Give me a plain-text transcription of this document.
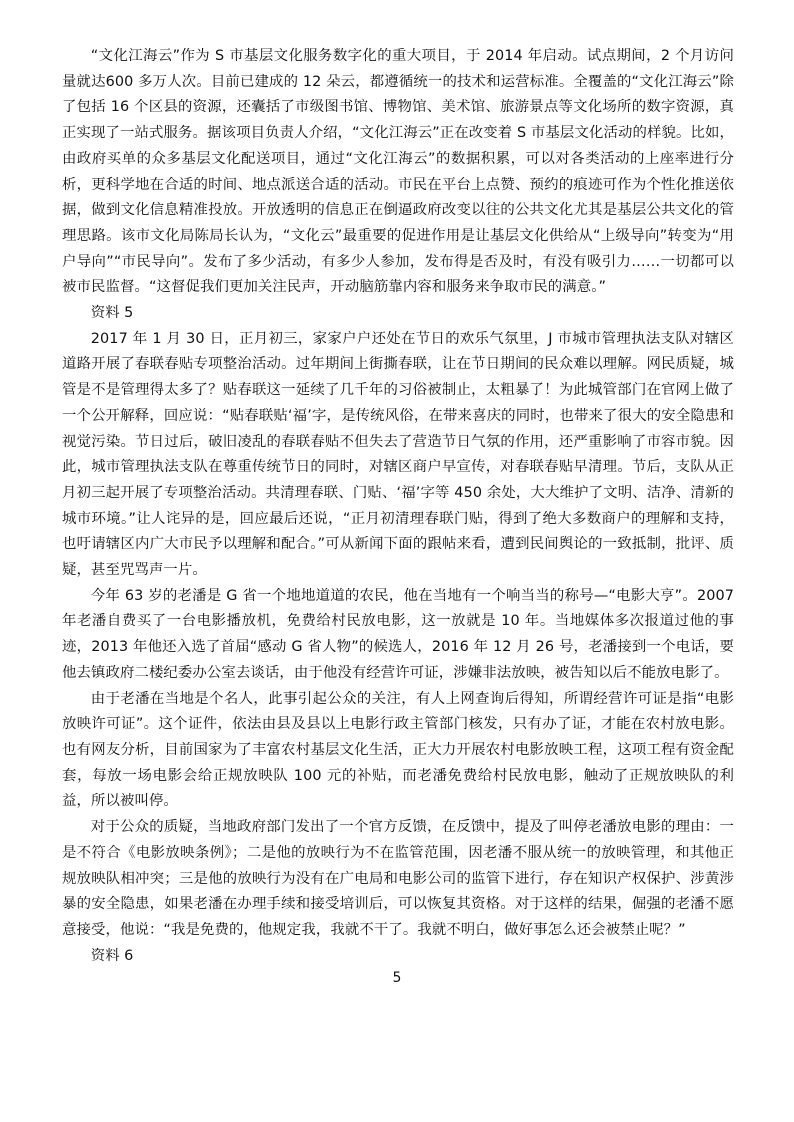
“文化江海云”作为 S 市基层文化服务数字化的重大项目，于 2014 年启动。试点期间，2 个月访问量就达600 多万人次。目前已建成的 12 朵云，都遵循统一的技术和运营标准。全覆盖的“文化江海云”除了包括 16 个区县的资源，还囊括了市级图书馆、博物馆、美术馆、旅游景点等文化场所的数字资源，真正实现了一站式服务。据该项目负责人介绍，“文化江海云”正在改变着 S 市基层文化活动的样貌。比如，由政府买单的众多基层文化配送项目，通过“文化江海云”的数据积累，可以对各类活动的上座率进行分析，更科学地在合适的时间、地点派送合适的活动。市民在平台上点赞、预约的痕迹可作为个性化推送依据，做到文化信息精准投放。开放透明的信息正在倒逼政府改变以往的公共文化尤其是基层公共文化的管理思路。该市文化局陈局长认为，“文化云”最重要的促进作用是让基层文化供给从“上级导向”转变为“用户导向”“市民导向”。发布了多少活动，有多少人参加，发布得是否及时，有没有吸引力……一切都可以被市民监督。“这督促我们更加关注民声，开动脑筋靠内容和服务来争取市民的满意。”

资料 5

2017 年 1 月 30 日，正月初三，家家户户还处在节日的欢乐气氛里，J 市城市管理执法支队对辖区道路开展了春联春贴专项整治活动。过年期间上街撕春联，让在节日期间的民众难以理解。网民质疑，城管是不是管理得太多了？贴春联这一延续了几千年的习俗被制止，太粗暴了！为此城管部门在官网上做了一个公开解释，回应说：“贴春联贴‘福’字，是传统风俗，在带来喜庆的同时，也带来了很大的安全隐患和视觉污染。节日过后，破旧凌乱的春联春贴不但失去了营造节日气氛的作用，还严重影响了市容市貌。因此，城市管理执法支队在尊重传统节日的同时，对辖区商户早宣传，对春联春贴早清理。节后，支队从正月初三起开展了专项整治活动。共清理春联、门贴、‘福’字等 450 余处，大大维护了文明、洁净、清新的城市环境。”让人诧异的是，回应最后还说，“正月初清理春联门贴，得到了绝大多数商户的理解和支持，也吁请辖区内广大市民予以理解和配合。”可从新闻下面的跟帖来看，遭到民间舆论的一致抵制，批评、质疑，甚至咒骂声一片。

今年 63 岁的老潘是 G 省一个地地道道的农民，他在当地有一个响当当的称号—“电影大亨”。2007 年老潘自费买了一台电影播放机，免费给村民放电影，这一放就是 10 年。当地媒体多次报道过他的事迹，2013 年他还入选了首届“感动 G 省人物”的候选人，2016 年 12 月 26 号，老潘接到一个电话，要他去镇政府二楼纪委办公室去谈话，由于他没有经营许可证，涉嫌非法放映，被告知以后不能放电影了。

由于老潘在当地是个名人，此事引起公众的关注，有人上网查询后得知，所谓经营许可证是指“电影放映许可证”。这个证件，依法由县及县以上电影行政主管部门核发，只有办了证，才能在农村放电影。也有网友分析，目前国家为了丰富农村基层文化生活，正大力开展农村电影放映工程，这项工程有资金配套，每放一场电影会给正规放映队 100 元的补贴，而老潘免费给村民放电影，触动了正规放映队的利益，所以被叫停。

对于公众的质疑，当地政府部门发出了一个官方反馈，在反馈中，提及了叫停老潘放电影的理由：一是不符合《电影放映条例》；二是他的放映行为不在监管范围，因老潘不服从统一的放映管理，和其他正规放映队相冲突；三是他的放映行为没有在广电局和电影公司的监管下进行，存在知识产权保护、涉黄涉暴的安全隐患，如果老潘在办理手续和接受培训后，可以恢复其资格。对于这样的结果，倔强的老潘不愿意接受，他说：“我是免费的，他规定我，我就不干了。我就不明白，做好事怎么还会被禁止呢？”

资料 6

5
